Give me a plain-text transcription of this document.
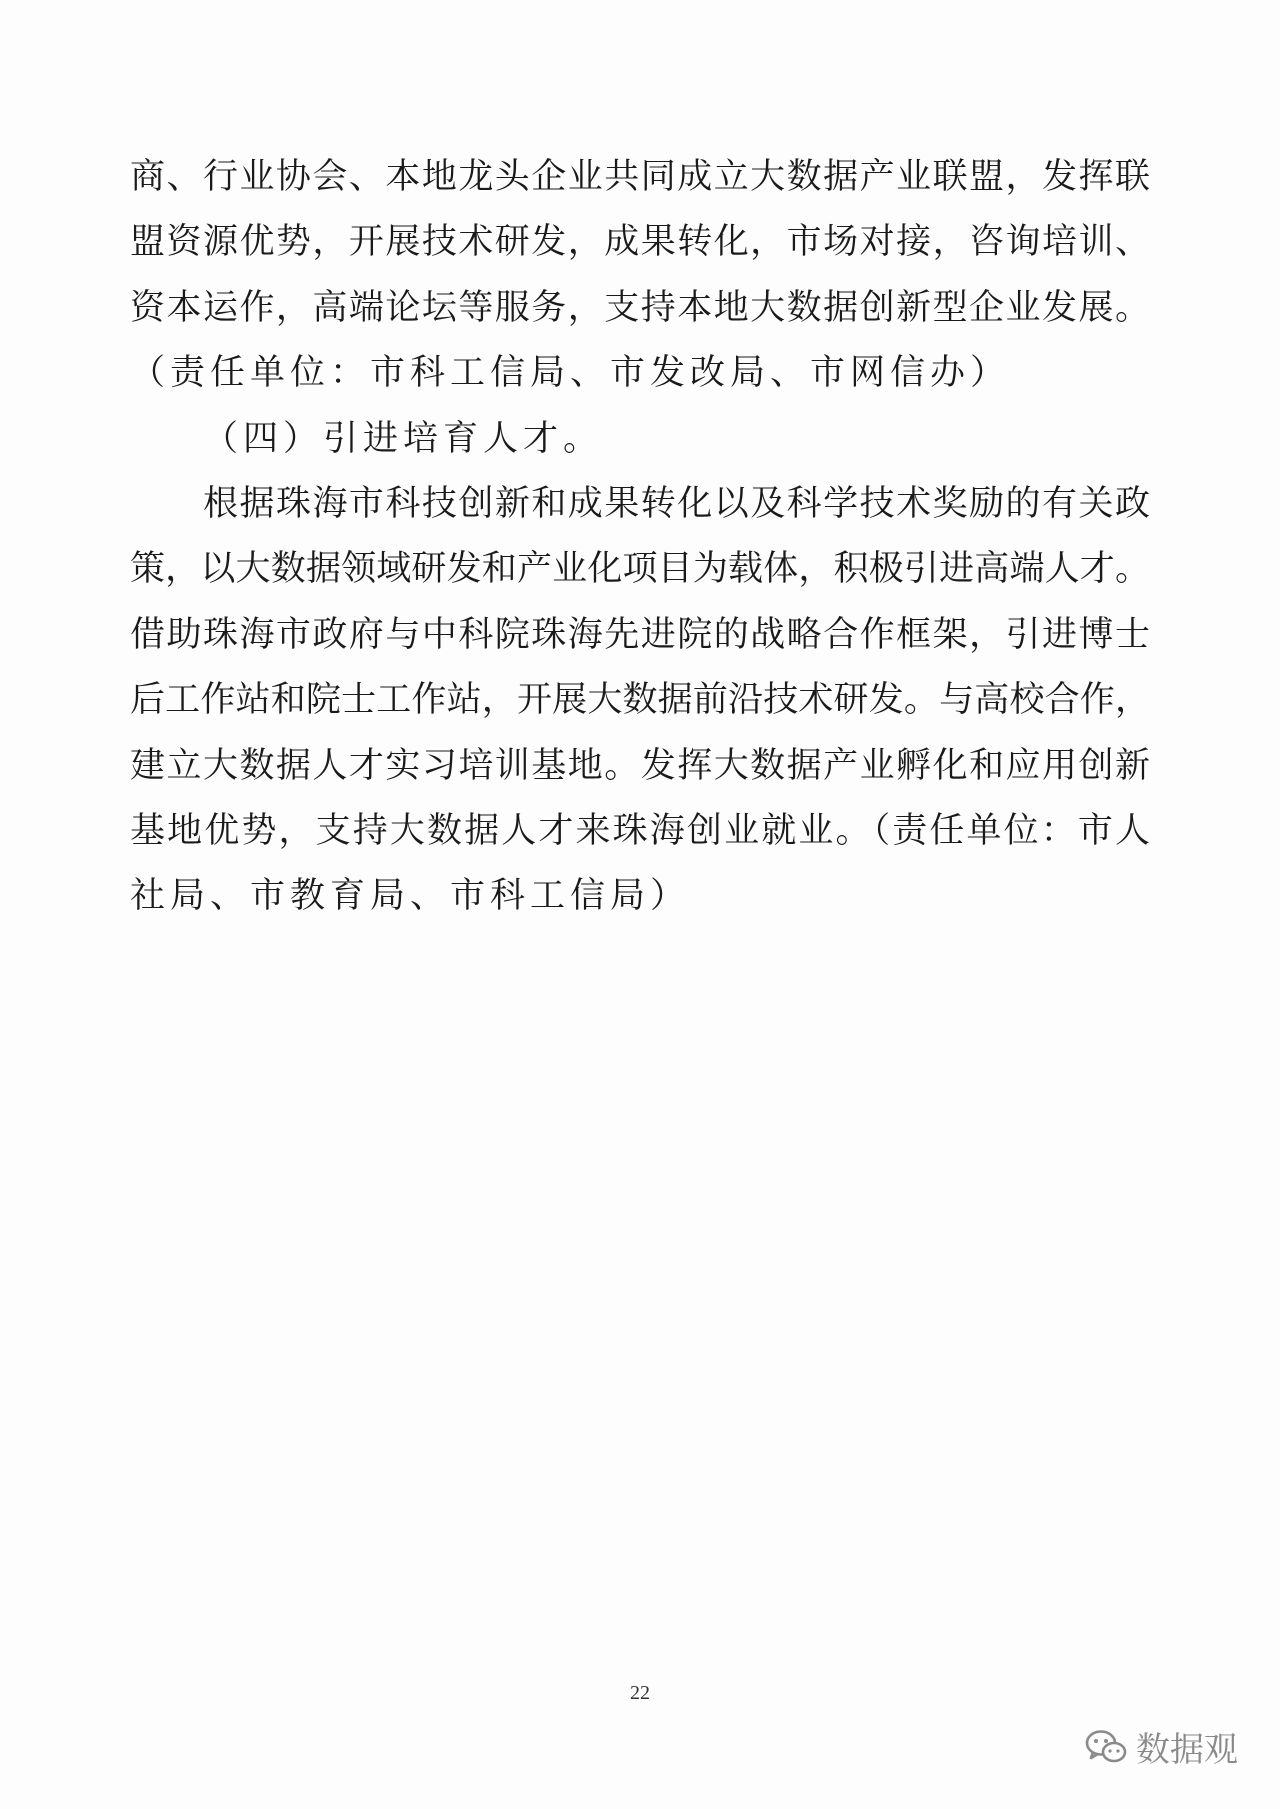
商、行业协会、本地龙头企业共同成立大数据产业联盟，发挥联
盟资源优势，开展技术研发，成果转化，市场对接，咨询培训、
资本运作，高端论坛等服务，支持本地大数据创新型企业发展。
（责任单位：市科工信局、市发改局、市网信办）
（四）引进培育人才。
根据珠海市科技创新和成果转化以及科学技术奖励的有关政
策，以大数据领域研发和产业化项目为载体，积极引进高端人才。
借助珠海市政府与中科院珠海先进院的战略合作框架，引进博士
后工作站和院士工作站，开展大数据前沿技术研发。与高校合作，
建立大数据人才实习培训基地。发挥大数据产业孵化和应用创新
基地优势，支持大数据人才来珠海创业就业。（责任单位：市人
社局、市教育局、市科工信局）
22
数据观
